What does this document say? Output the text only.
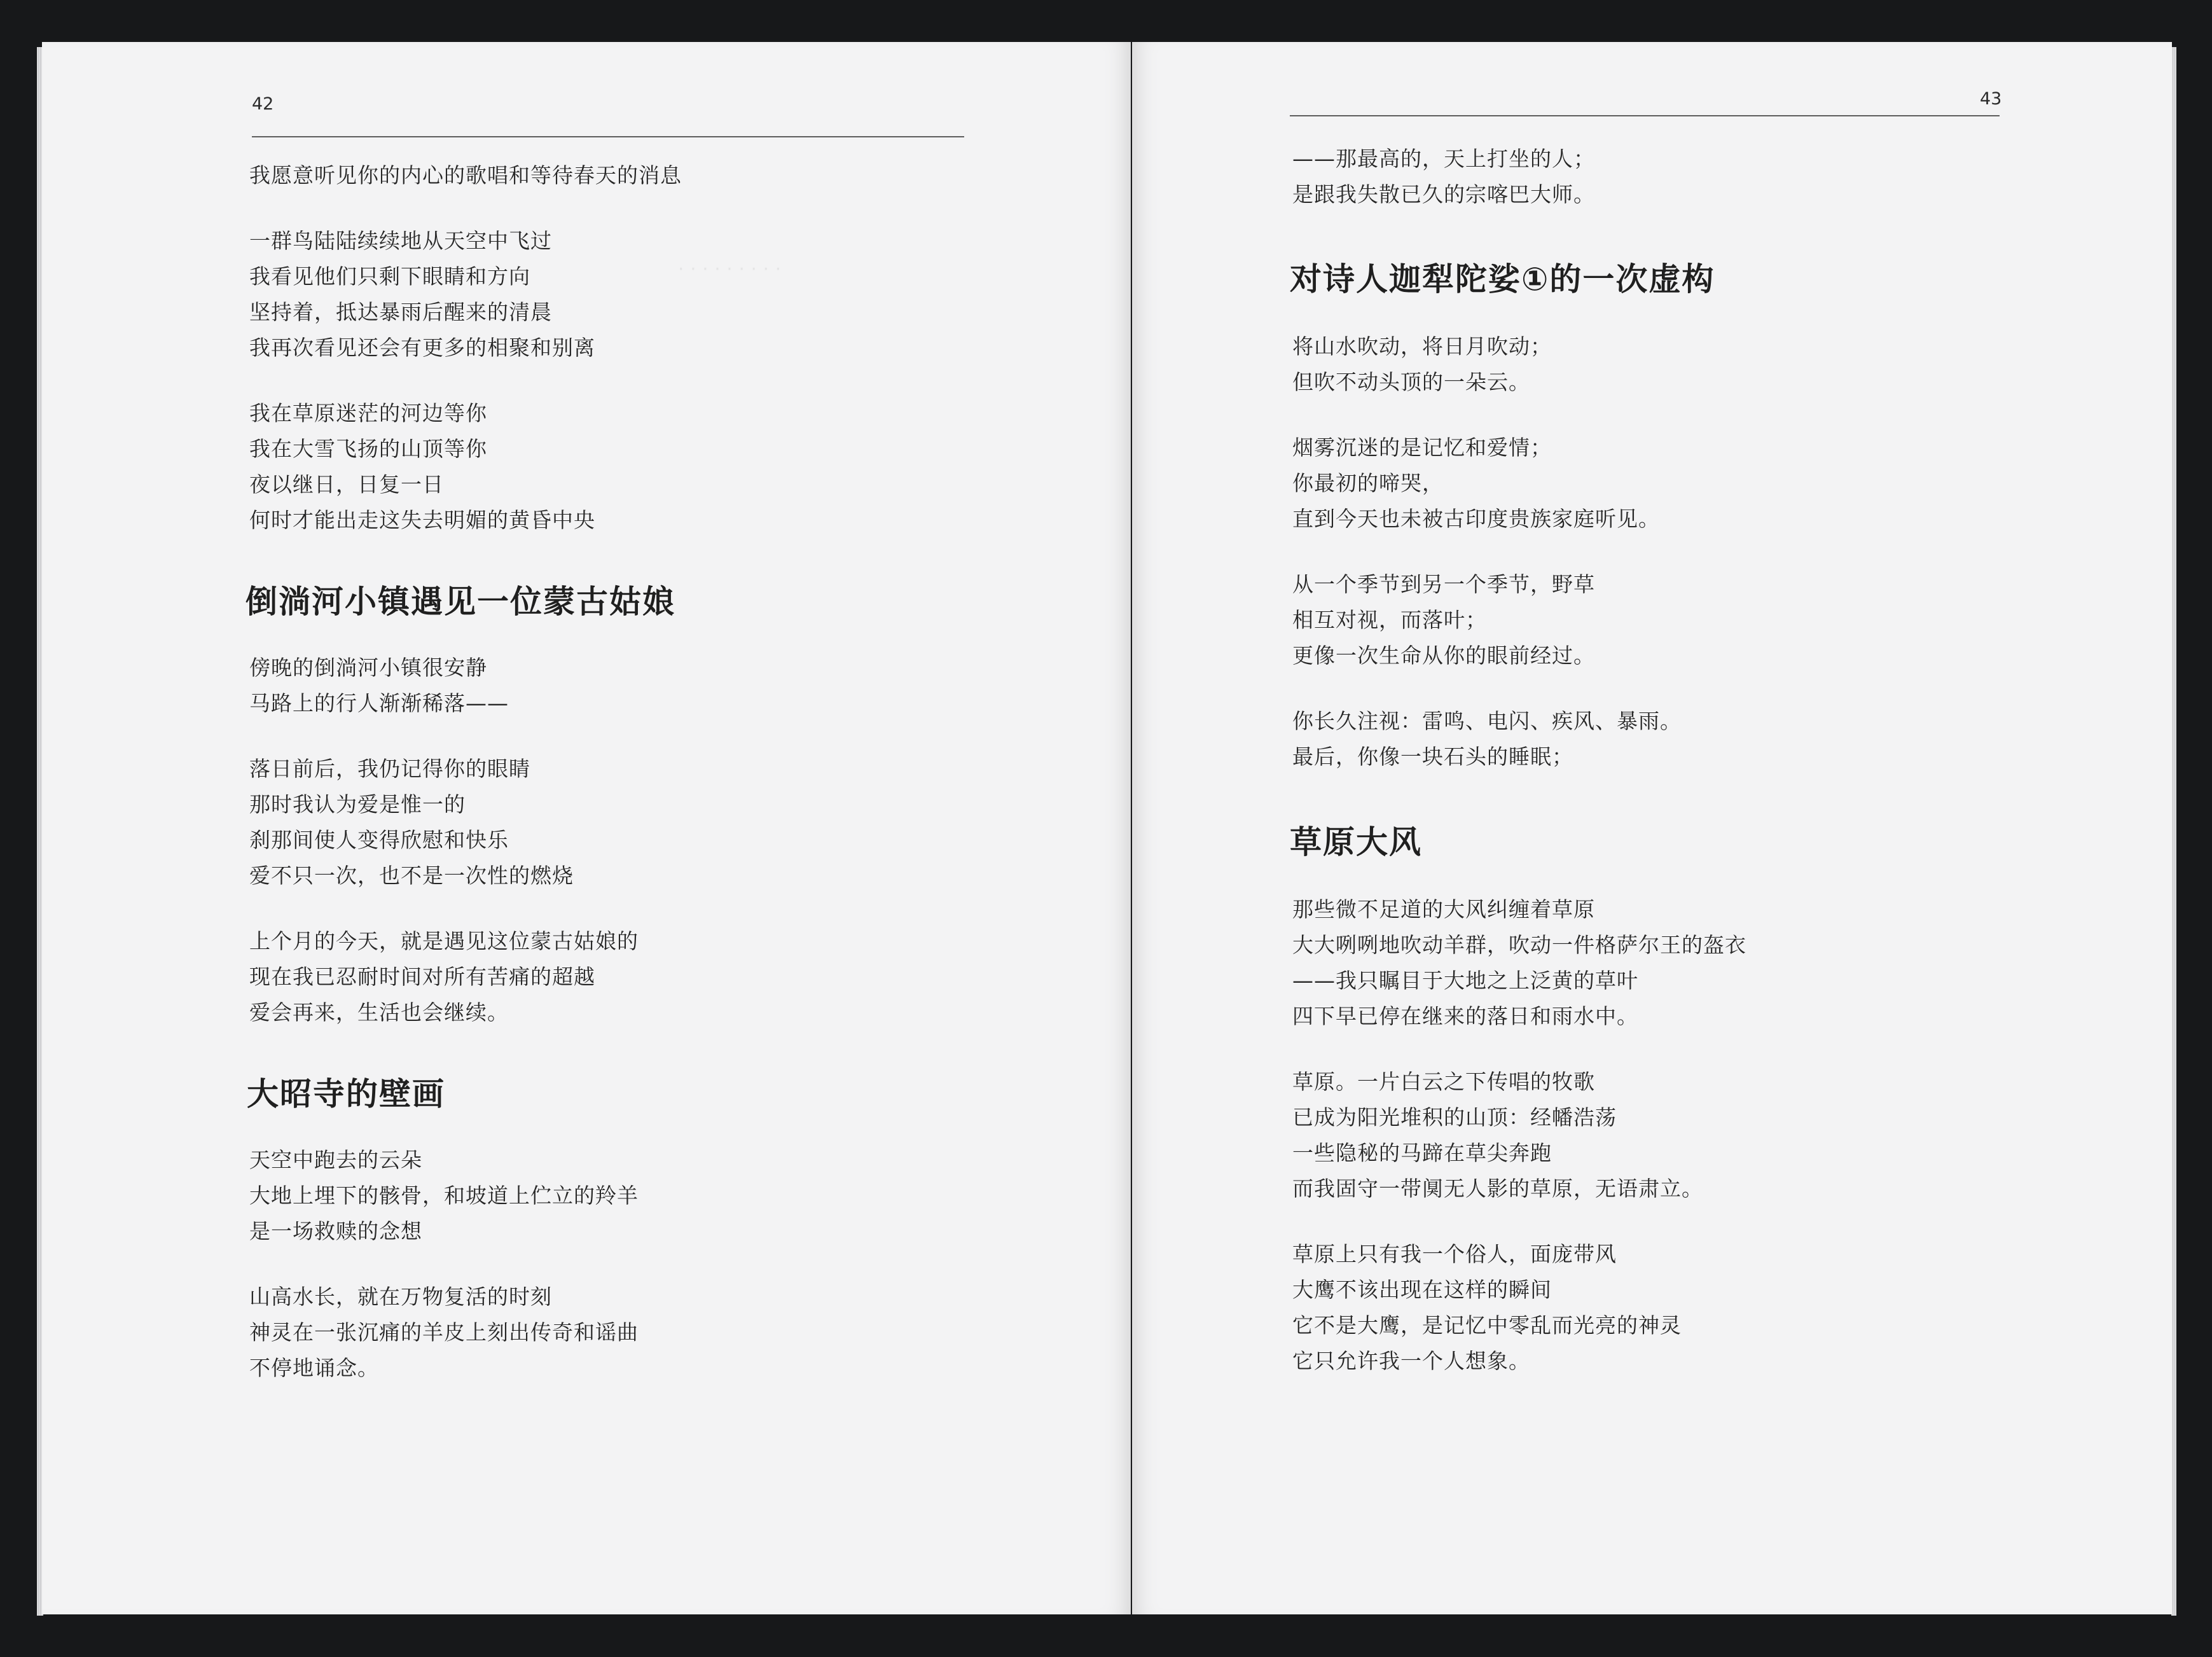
· · · · · · · · ·
42
我愿意听见你的内心的歌唱和等待春天的消息
一群鸟陆陆续续地从天空中飞过
我看见他们只剩下眼睛和方向
坚持着，抵达暴雨后醒来的清晨
我再次看见还会有更多的相聚和别离
我在草原迷茫的河边等你
我在大雪飞扬的山顶等你
夜以继日，日复一日
何时才能出走这失去明媚的黄昏中央
倒淌河小镇遇见一位蒙古姑娘
傍晚的倒淌河小镇很安静
马路上的行人渐渐稀落——
落日前后，我仍记得你的眼睛
那时我认为爱是惟一的
刹那间使人变得欣慰和快乐
爱不只一次，也不是一次性的燃烧
上个月的今天，就是遇见这位蒙古姑娘的
现在我已忍耐时间对所有苦痛的超越
爱会再来，生活也会继续。
大昭寺的壁画
天空中跑去的云朵
大地上埋下的骸骨，和坡道上伫立的羚羊
是一场救赎的念想
山高水长，就在万物复活的时刻
神灵在一张沉痛的羊皮上刻出传奇和谣曲
不停地诵念。
43
——那最高的，天上打坐的人；
是跟我失散已久的宗喀巴大师。
对诗人迦犁陀娑①的一次虚构
将山水吹动，将日月吹动；
但吹不动头顶的一朵云。
烟雾沉迷的是记忆和爱情；
你最初的啼哭，
直到今天也未被古印度贵族家庭听见。
从一个季节到另一个季节，野草
相互对视，而落叶；
更像一次生命从你的眼前经过。
你长久注视：雷鸣、电闪、疾风、暴雨。
最后，你像一块石头的睡眠；
草原大风
那些微不足道的大风纠缠着草原
大大咧咧地吹动羊群，吹动一件格萨尔王的盔衣
——我只瞩目于大地之上泛黄的草叶
四下早已停在继来的落日和雨水中。
草原。一片白云之下传唱的牧歌
已成为阳光堆积的山顶：经幡浩荡
一些隐秘的马蹄在草尖奔跑
而我固守一带阒无人影的草原，无语肃立。
草原上只有我一个俗人，面庞带风
大鹰不该出现在这样的瞬间
它不是大鹰，是记忆中零乱而光亮的神灵
它只允许我一个人想象。
